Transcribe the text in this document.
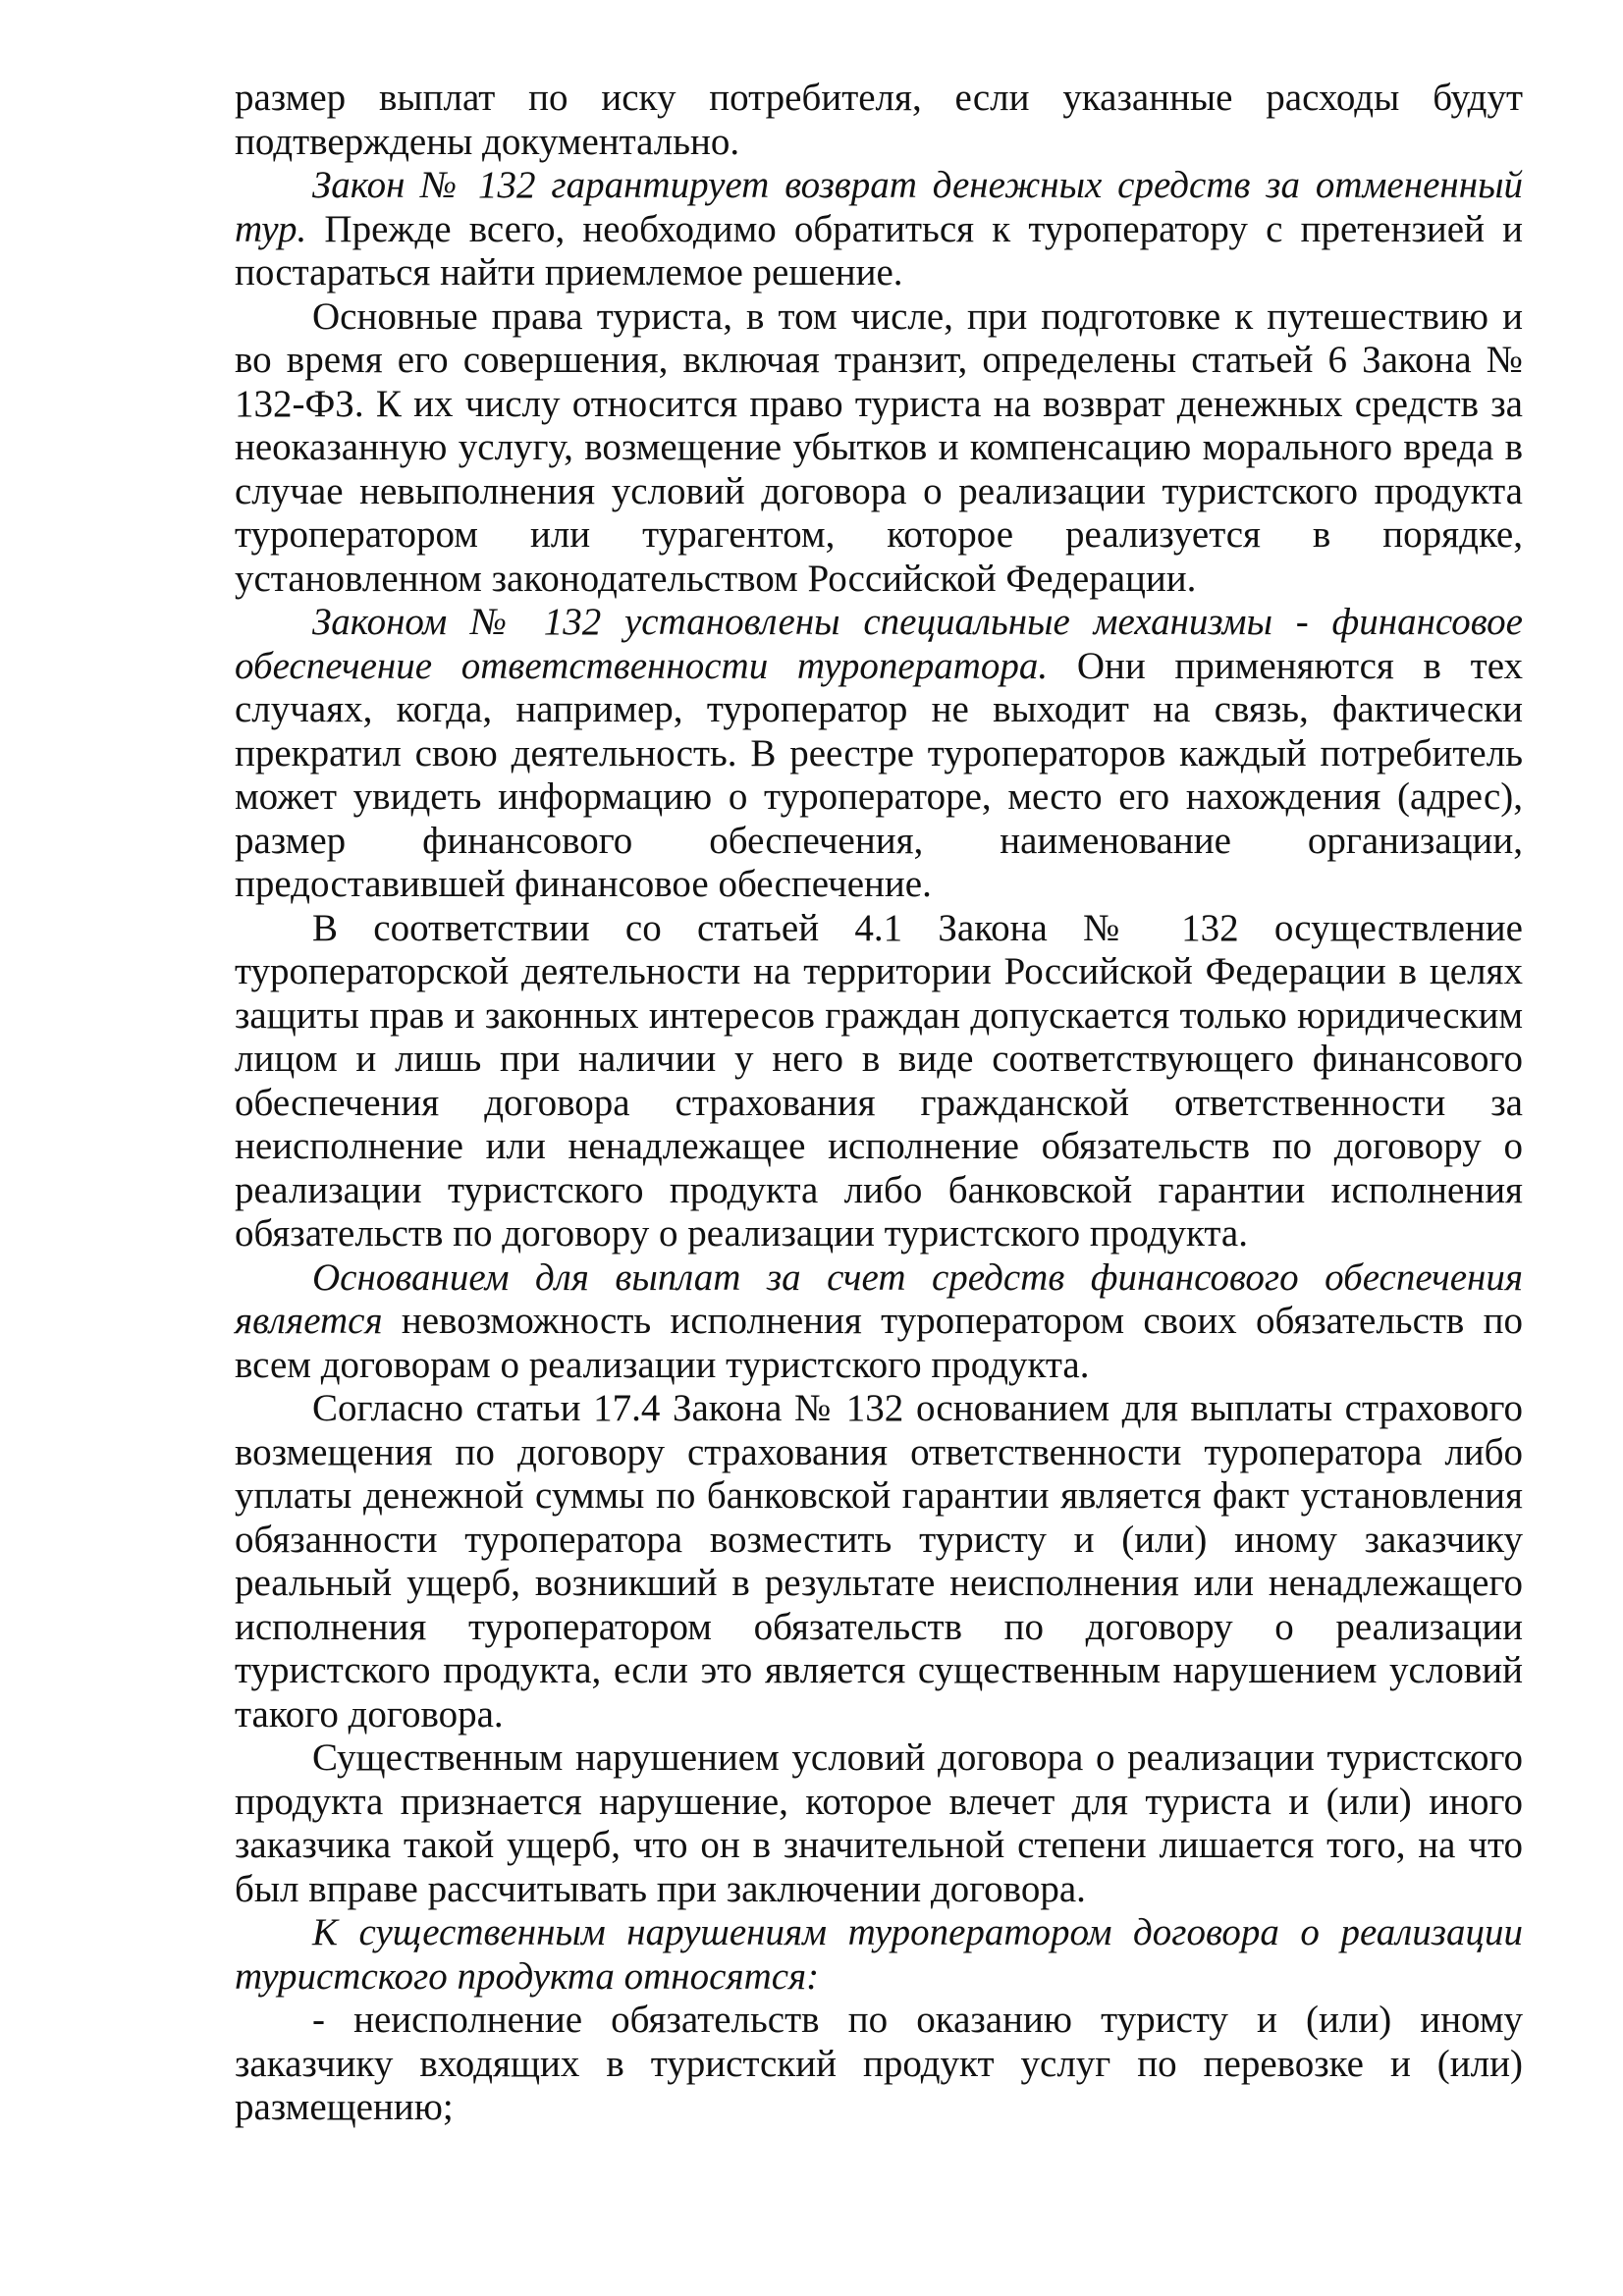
размер выплат по иску потребителя, если указанные расходы будут подтверждены документально.

Закон № 132 гарантирует возврат денежных средств за отмененный тур. Прежде всего, необходимо обратиться к туроператору с претензией и постараться найти приемлемое решение.

Основные права туриста, в том числе, при подготовке к путешествию и во время его совершения, включая транзит, определены статьей 6 Закона № 132-ФЗ. К их числу относится право туриста на возврат денежных средств за неоказанную услугу, возмещение убытков и компенсацию морального вреда в случае невыполнения условий договора о реализации туристского продукта туроператором или турагентом, которое реализуется в порядке, установленном законодательством Российской Федерации.

Законом № 132 установлены специальные механизмы - финансовое обеспечение ответственности туроператора. Они применяются в тех случаях, когда, например, туроператор не выходит на связь, фактически прекратил свою деятельность. В реестре туроператоров каждый потребитель может увидеть информацию о туроператоре, место его нахождения (адрес), размер финансового обеспечения, наименование организации, предоставившей финансовое обеспечение.

В соответствии со статьей 4.1 Закона № 132 осуществление туроператорской деятельности на территории Российской Федерации в целях защиты прав и законных интересов граждан допускается только юридическим лицом и лишь при наличии у него в виде соответствующего финансового обеспечения договора страхования гражданской ответственности за неисполнение или ненадлежащее исполнение обязательств по договору о реализации туристского продукта либо банковской гарантии исполнения обязательств по договору о реализации туристского продукта.

Основанием для выплат за счет средств финансового обеспечения является невозможность исполнения туроператором своих обязательств по всем договорам о реализации туристского продукта.

Согласно статьи 17.4 Закона № 132 основанием для выплаты страхового возмещения по договору страхования ответственности туроператора либо уплаты денежной суммы по банковской гарантии является факт установления обязанности туроператора возместить туристу и (или) иному заказчику реальный ущерб, возникший в результате неисполнения или ненадлежащего исполнения туроператором обязательств по договору о реализации туристского продукта, если это является существенным нарушением условий такого договора.

Существенным нарушением условий договора о реализации туристского продукта признается нарушение, которое влечет для туриста и (или) иного заказчика такой ущерб, что он в значительной степени лишается того, на что был вправе рассчитывать при заключении договора.

К существенным нарушениям туроператором договора о реализации туристского продукта относятся:

- неисполнение обязательств по оказанию туристу и (или) иному заказчику входящих в туристский продукт услуг по перевозке и (или) размещению;
